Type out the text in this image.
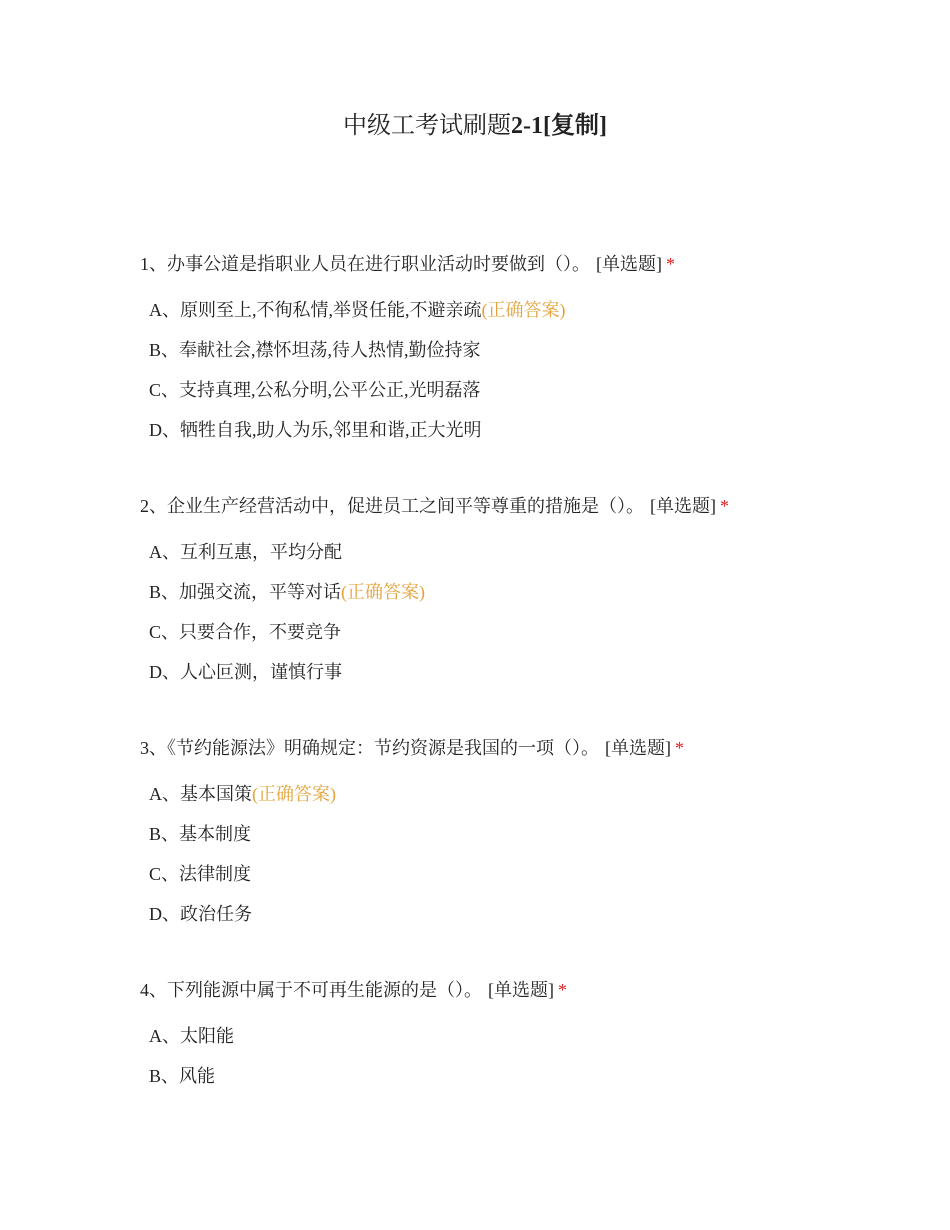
中级工考试刷题2-1[复制]
1、办事公道是指职业人员在进行职业活动时要做到（）。 [单选题] *
A、原则至上,不徇私情,举贤任能,不避亲疏(正确答案)
B、奉献社会,襟怀坦荡,待人热情,勤俭持家
C、支持真理,公私分明,公平公正,光明磊落
D、牺牲自我,助人为乐,邻里和谐,正大光明
2、企业生产经营活动中，促进员工之间平等尊重的措施是（）。 [单选题] *
A、互利互惠，平均分配
B、加强交流，平等对话(正确答案)
C、只要合作，不要竞争
D、人心叵测，谨慎行事
3、《节约能源法》明确规定：节约资源是我国的一项（）。 [单选题] *
A、基本国策(正确答案)
B、基本制度
C、法律制度
D、政治任务
4、下列能源中属于不可再生能源的是（）。 [单选题] *
A、太阳能
B、风能
